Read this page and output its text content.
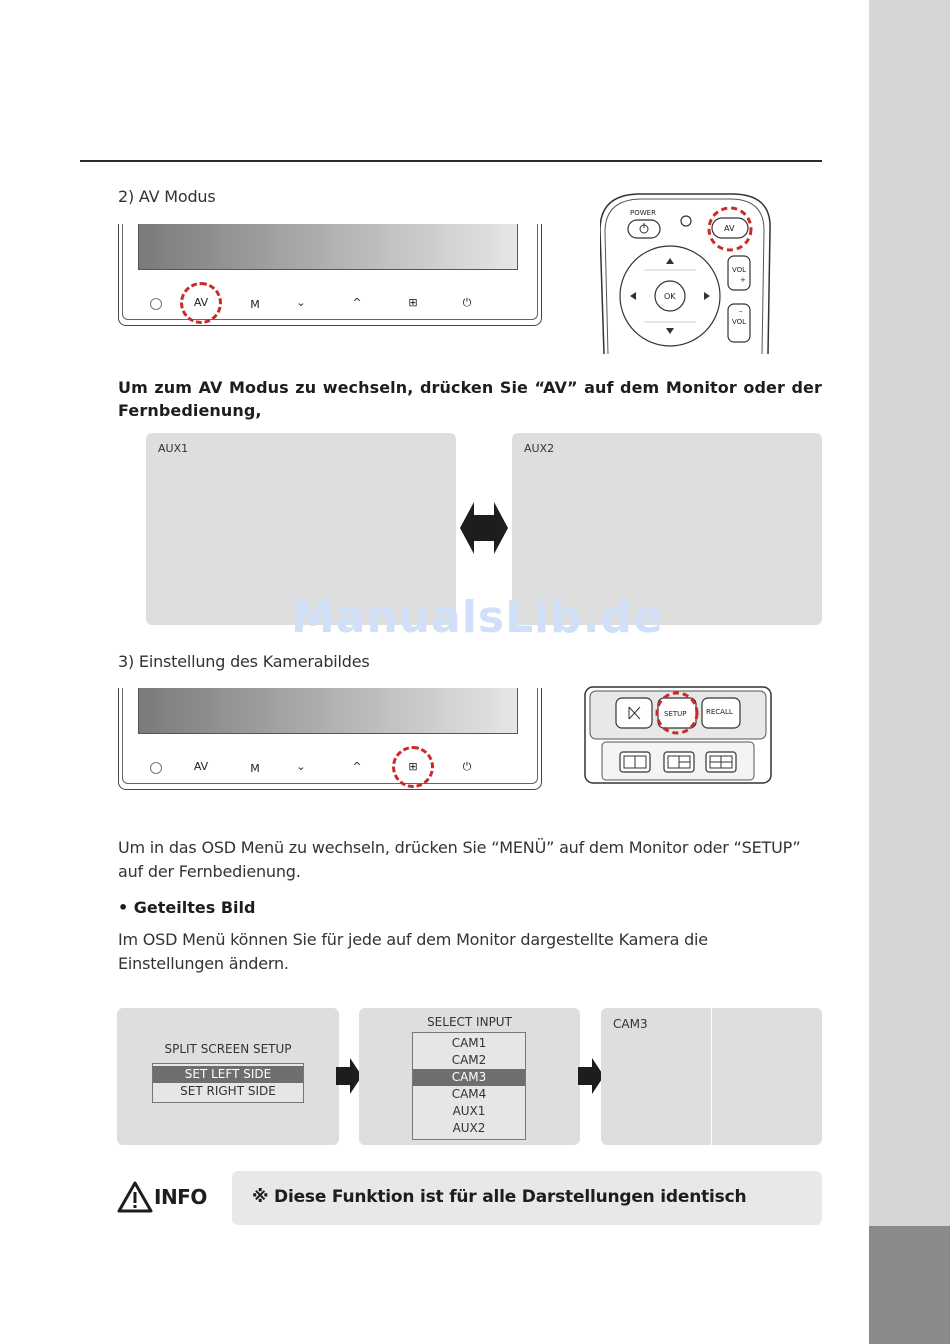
2) AV Modus
AV	M	⌄	^	⊞	⏻
POWER
AV
OK
VOL
+
–
VOL
Um zum AV Modus zu wechseln, drücken Sie “AV” auf dem Monitor oder der Fernbedienung,
AUX1	AUX2
ManualsLib.de
3) Einstellung des Kamerabildes
AV	M	⌄	^	⊞	⏻
SETUP	RECALL
Um in das OSD Menü zu wechseln, drücken Sie “MENÜ” auf dem Monitor oder “SETUP” auf der Fernbedienung.
• Geteiltes Bild
Im OSD Menü können Sie für jede auf dem Monitor dargestellte Kamera die Einstellungen ändern.
SPLIT SCREEN SETUP
SET LEFT SIDE
SET RIGHT SIDE
SELECT INPUT
CAM1
CAM2
CAM3
CAM4
AUX1
AUX2
CAM3
INFO	※ Diese Funktion ist für alle Darstellungen identisch
